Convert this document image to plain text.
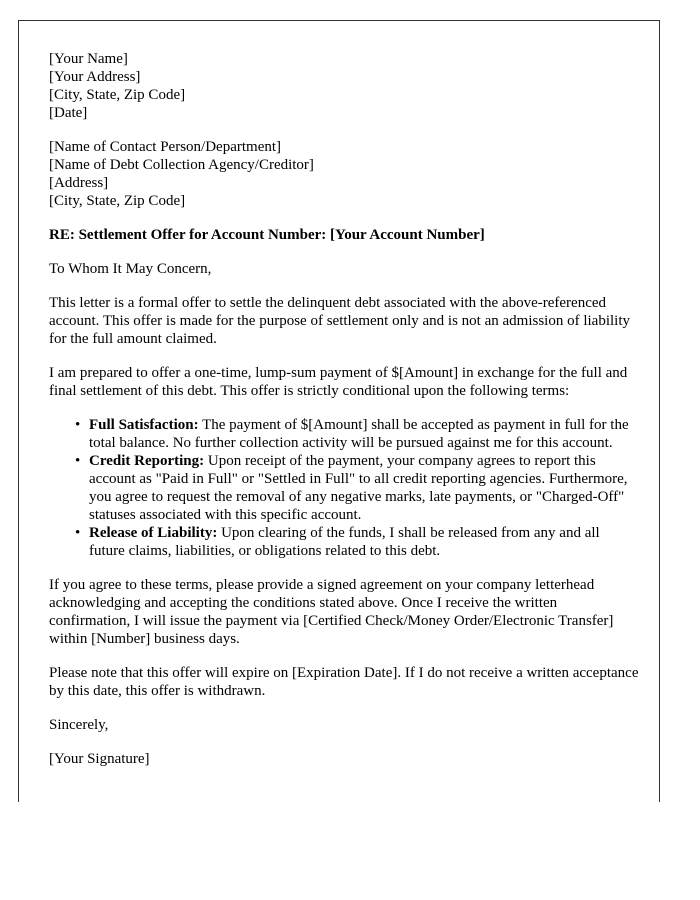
[Your Name]
[Your Address]
[City, State, Zip Code]
[Date]
[Name of Contact Person/Department]
[Name of Debt Collection Agency/Creditor]
[Address]
[City, State, Zip Code]
RE: Settlement Offer for Account Number: [Your Account Number]

To Whom It May Concern,

This letter is a formal offer to settle the delinquent debt associated with the above-referenced account. This offer is made for the purpose of settlement only and is not an admission of liability for the full amount claimed.

I am prepared to offer a one-time, lump-sum payment of $[Amount] in exchange for the full and final settlement of this debt. This offer is strictly conditional upon the following terms:

• Full Satisfaction: The payment of $[Amount] shall be accepted as payment in full for the total balance. No further collection activity will be pursued against me for this account.
• Credit Reporting: Upon receipt of the payment, your company agrees to report this account as "Paid in Full" or "Settled in Full" to all credit reporting agencies. Furthermore, you agree to request the removal of any negative marks, late payments, or "Charged-Off" statuses associated with this specific account.
• Release of Liability: Upon clearing of the funds, I shall be released from any and all future claims, liabilities, or obligations related to this debt.

If you agree to these terms, please provide a signed agreement on your company letterhead acknowledging and accepting the conditions stated above. Once I receive the written confirmation, I will issue the payment via [Certified Check/Money Order/Electronic Transfer] within [Number] business days.

Please note that this offer will expire on [Expiration Date]. If I do not receive a written acceptance by this date, this offer is withdrawn.

Sincerely,

[Your Signature]
